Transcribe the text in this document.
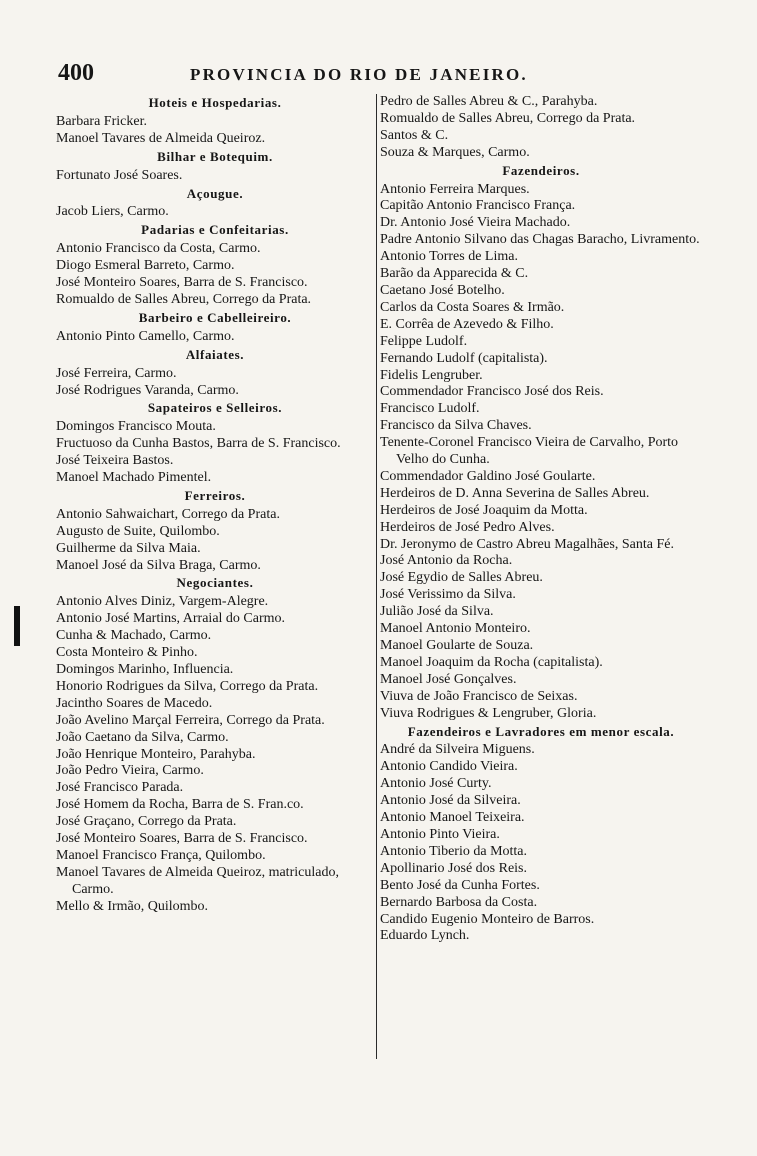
400	PROVINCIA DO RIO DE JANEIRO.
Hoteis e Hospedarias.
Barbara Fricker.
Manoel Tavares de Almeida Queiroz.
Bilhar e Botequim.
Fortunato José Soares.
Açougue.
Jacob Liers, Carmo.
Padarias e Confeitarias.
Antonio Francisco da Costa, Carmo.
Diogo Esmeral Barreto, Carmo.
José Monteiro Soares, Barra de S. Francisco.
Romualdo de Salles Abreu, Corrego da Prata.
Barbeiro e Cabelleireiro.
Antonio Pinto Camello, Carmo.
Alfaiates.
José Ferreira, Carmo.
José Rodrigues Varanda, Carmo.
Sapateiros e Selleiros.
Domingos Francisco Mouta.
Fructuoso da Cunha Bastos, Barra de S. Francisco.
José Teixeira Bastos.
Manoel Machado Pimentel.
Ferreiros.
Antonio Sahwaichart, Corrego da Prata.
Augusto de Suite, Quilombo.
Guilherme da Silva Maia.
Manoel José da Silva Braga, Carmo.
Negociantes.
Antonio Alves Diniz, Vargem-Alegre.
Antonio José Martins, Arraial do Carmo.
Cunha & Machado, Carmo.
Costa Monteiro & Pinho.
Domingos Marinho, Influencia.
Honorio Rodrigues da Silva, Corrego da Prata.
Jacintho Soares de Macedo.
João Avelino Marçal Ferreira, Corrego da Prata.
João Caetano da Silva, Carmo.
João Henrique Monteiro, Parahyba.
João Pedro Vieira, Carmo.
José Francisco Parada.
José Homem da Rocha, Barra de S. Fran.co.
José Graçano, Corrego da Prata.
José Monteiro Soares, Barra de S. Francisco.
Manoel Francisco França, Quilombo.
Manoel Tavares de Almeida Queiroz, matriculado, Carmo.
Mello & Irmão, Quilombo.
Pedro de Salles Abreu & C., Parahyba.
Romualdo de Salles Abreu, Corrego da Prata.
Santos & C.
Souza & Marques, Carmo.
Fazendeiros.
Antonio Ferreira Marques.
Capitão Antonio Francisco França.
Dr. Antonio José Vieira Machado.
Padre Antonio Silvano das Chagas Baracho, Livramento.
Antonio Torres de Lima.
Barão da Apparecida & C.
Caetano José Botelho.
Carlos da Costa Soares & Irmão.
E. Corrêa de Azevedo & Filho.
Felippe Ludolf.
Fernando Ludolf (capitalista).
Fidelis Lengruber.
Commendador Francisco José dos Reis.
Francisco Ludolf.
Francisco da Silva Chaves.
Tenente-Coronel Francisco Vieira de Carvalho, Porto Velho do Cunha.
Commendador Galdino José Goularte.
Herdeiros de D. Anna Severina de Salles Abreu.
Herdeiros de José Joaquim da Motta.
Herdeiros de José Pedro Alves.
Dr. Jeronymo de Castro Abreu Magalhães, Santa Fé.
José Antonio da Rocha.
José Egydio de Salles Abreu.
José Verissimo da Silva.
Julião José da Silva.
Manoel Antonio Monteiro.
Manoel Goularte de Souza.
Manoel Joaquim da Rocha (capitalista).
Manoel José Gonçalves.
Viuva de João Francisco de Seixas.
Viuva Rodrigues & Lengruber, Gloria.
Fazendeiros e Lavradores em menor escala.
André da Silveira Miguens.
Antonio Candido Vieira.
Antonio José Curty.
Antonio José da Silveira.
Antonio Manoel Teixeira.
Antonio Pinto Vieira.
Antonio Tiberio da Motta.
Apollinario José dos Reis.
Bento José da Cunha Fortes.
Bernardo Barbosa da Costa.
Candido Eugenio Monteiro de Barros.
Eduardo Lynch.
